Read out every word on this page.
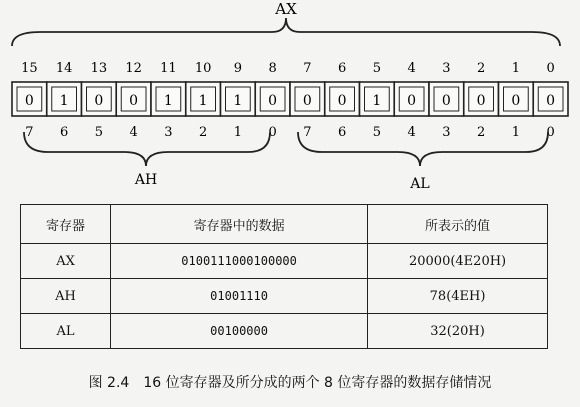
AX
15 14 13 12 11 10 9 8 7 6 5 4 3 2 1 0
0 1 0 0 1 1 1 0 0 0 1 0 0 0 0 0
7 6 5 4 3 2 1 0 7 6 5 4 3 2 1 0
AH	AL
寄存器	寄存器中的数据	所表示的值
AX	0100111000100000	20000(4E20H)
AH	01001110	78(4EH)
AL	00100000	32(20H)
图 2.4 16 位寄存器及所分成的两个 8 位寄存器的数据存储情况
